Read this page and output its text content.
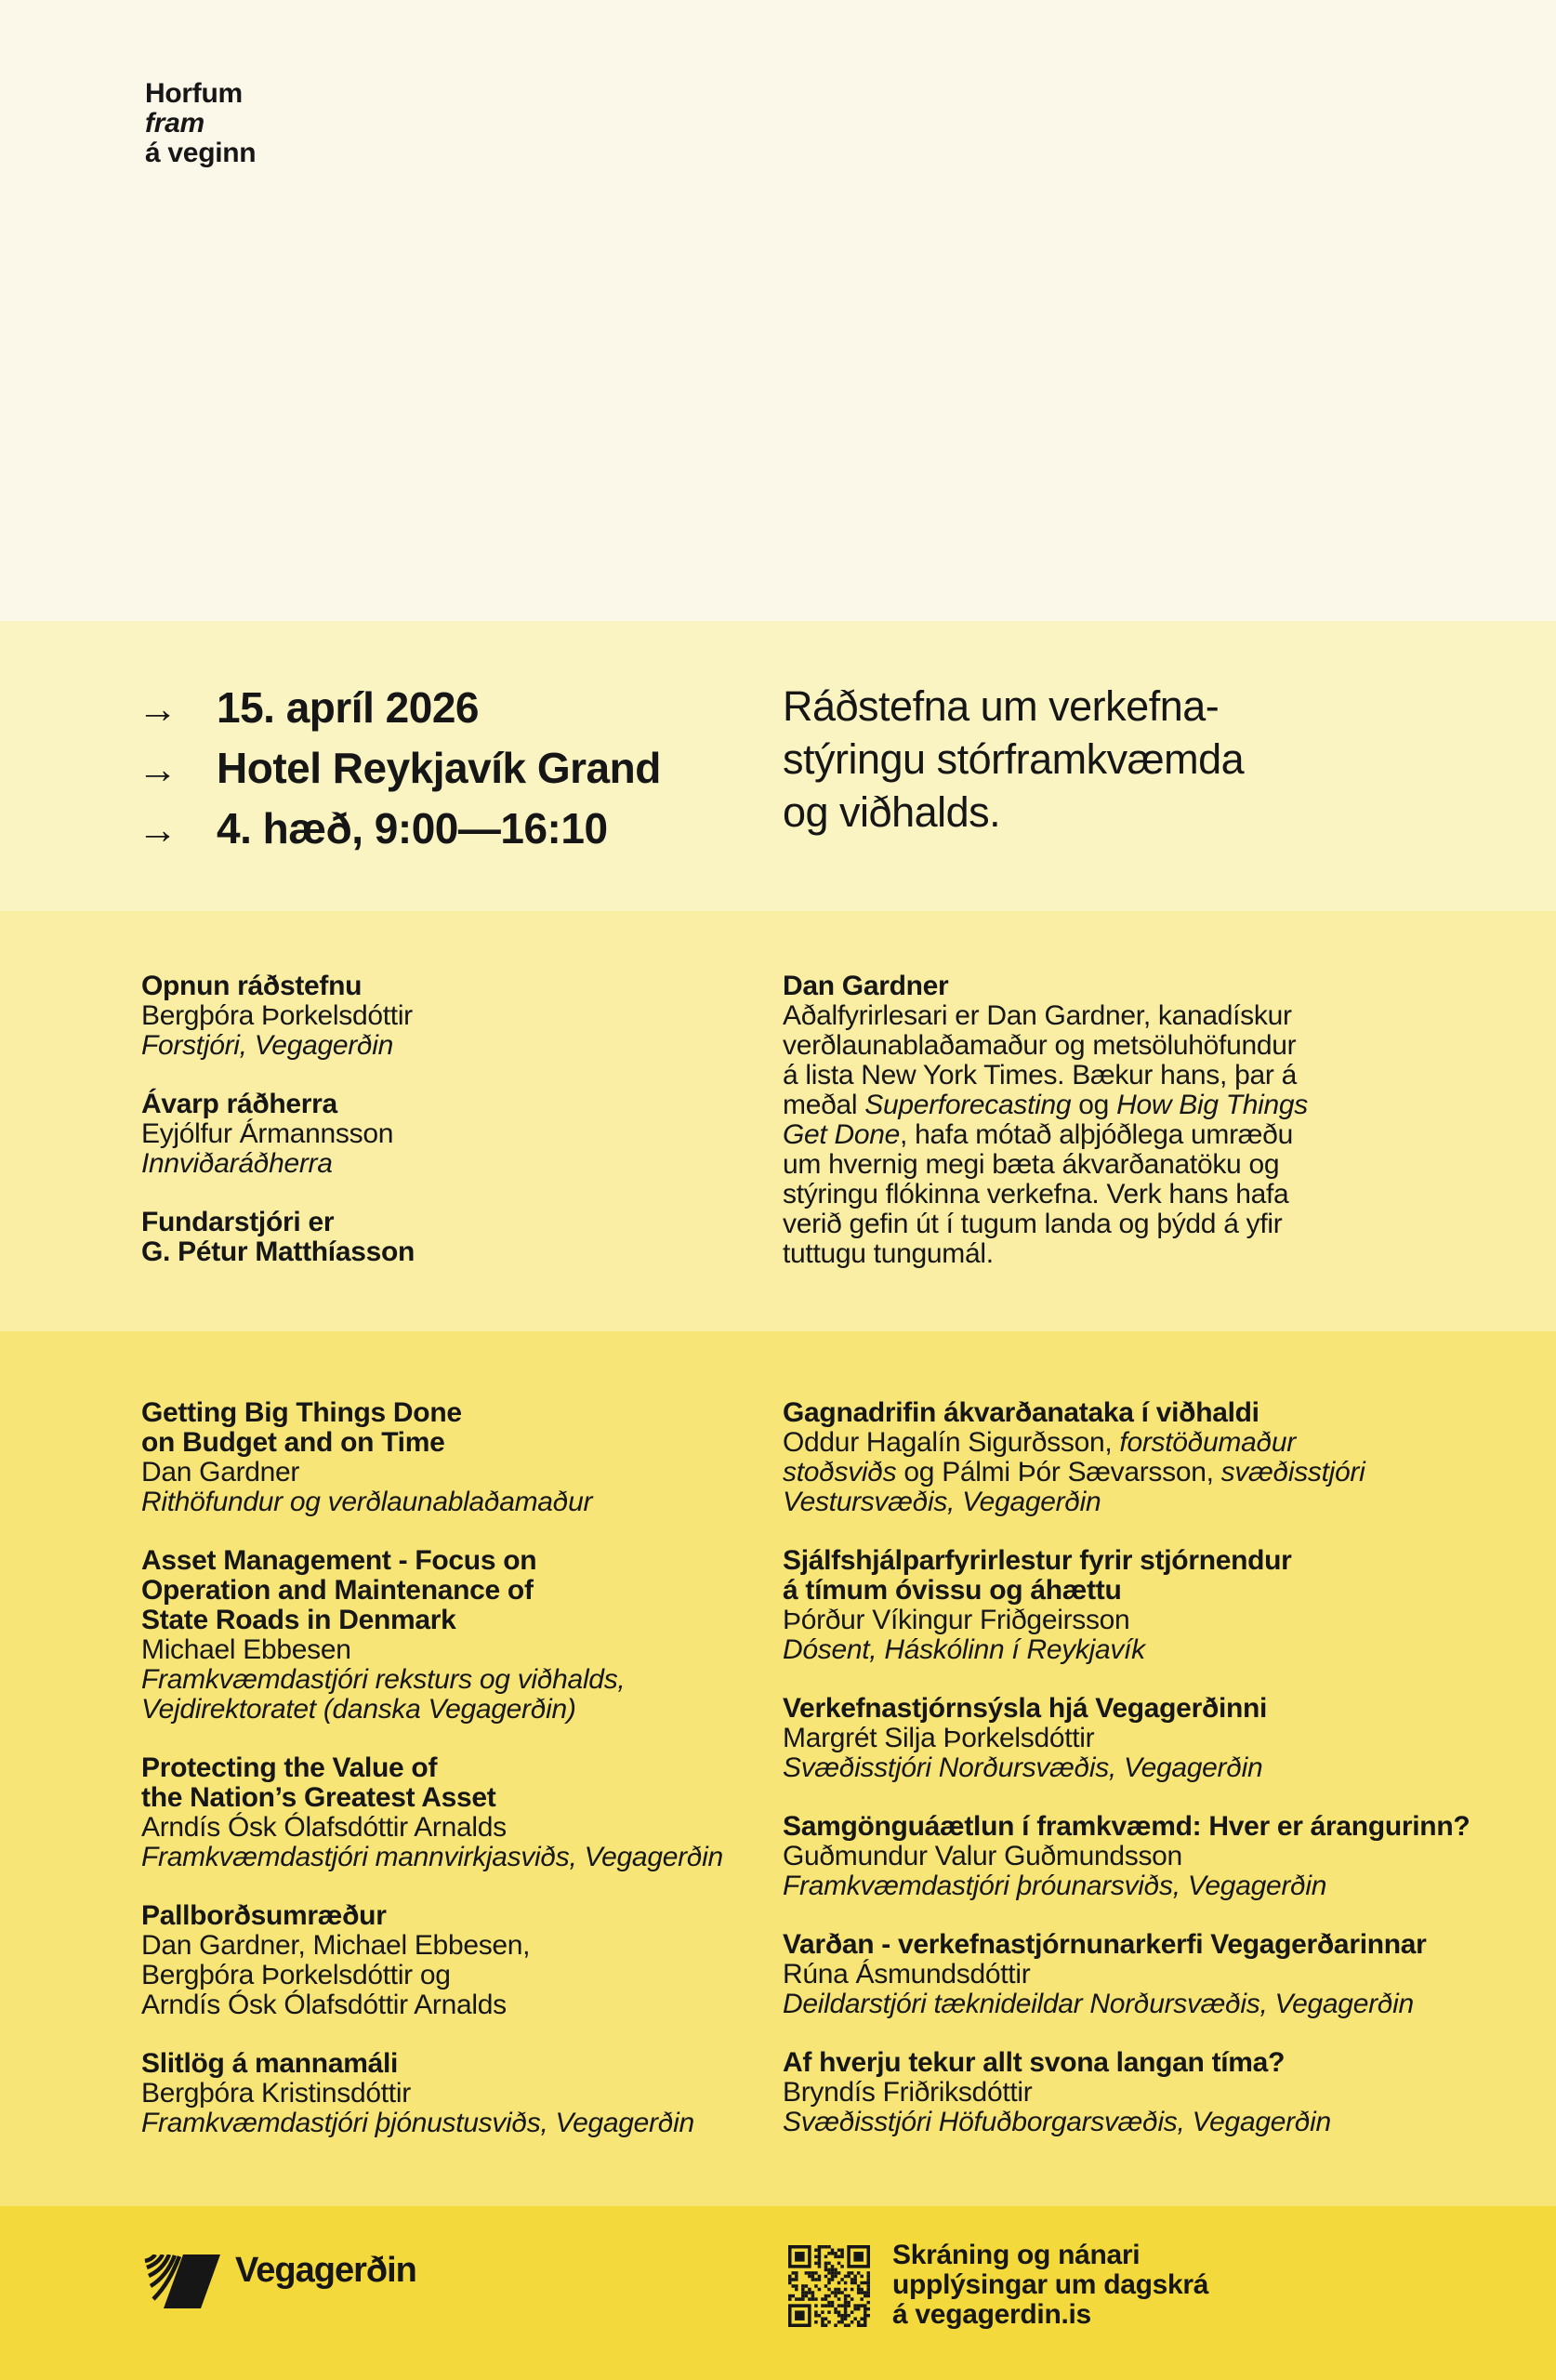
Horfum
fram
á veginn
→ 15. apríl 2026
→ Hotel Reykjavík Grand
→ 4. hæð, 9:00—16:10
Ráðstefna um verkefna-
stýringu stórframkvæmda
og viðhalds.
Opnun ráðstefnu
Bergþóra Þorkelsdóttir
Forstjóri, Vegagerðin
Ávarp ráðherra
Eyjólfur Ármannsson
Innviðaráðherra
Fundarstjóri er
G. Pétur Matthíasson
Dan Gardner
Aðalfyrirlesari er Dan Gardner, kanadískur
verðlaunablaðamaður og metsöluhöfundur
á lista New York Times. Bækur hans, þar á
meðal Superforecasting og How Big Things
Get Done, hafa mótað alþjóðlega umræðu
um hvernig megi bæta ákvarðanatöku og
stýringu flókinna verkefna. Verk hans hafa
verið gefin út í tugum landa og þýdd á yfir
tuttugu tungumál.
Getting Big Things Done
on Budget and on Time
Dan Gardner
Rithöfundur og verðlaunablaðamaður
Asset Management - Focus on
Operation and Maintenance of
State Roads in Denmark
Michael Ebbesen
Framkvæmdastjóri reksturs og viðhalds,
Vejdirektoratet (danska Vegagerðin)
Protecting the Value of
the Nation’s Greatest Asset
Arndís Ósk Ólafsdóttir Arnalds
Framkvæmdastjóri mannvirkjasviðs, Vegagerðin
Pallborðsumræður
Dan Gardner, Michael Ebbesen,
Bergþóra Þorkelsdóttir og
Arndís Ósk Ólafsdóttir Arnalds
Slitlög á mannamáli
Bergþóra Kristinsdóttir
Framkvæmdastjóri þjónustusviðs, Vegagerðin
Gagnadrifin ákvarðanataka í viðhaldi
Oddur Hagalín Sigurðsson, forstöðumaður
stoðsviðs og Pálmi Þór Sævarsson, svæðisstjóri
Vestursvæðis, Vegagerðin
Sjálfshjálparfyrirlestur fyrir stjórnendur
á tímum óvissu og áhættu
Þórður Víkingur Friðgeirsson
Dósent, Háskólinn í Reykjavík
Verkefnastjórnsýsla hjá Vegagerðinni
Margrét Silja Þorkelsdóttir
Svæðisstjóri Norðursvæðis, Vegagerðin
Samgönguáætlun í framkvæmd: Hver er árangurinn?
Guðmundur Valur Guðmundsson
Framkvæmdastjóri þróunarsviðs, Vegagerðin
Varðan - verkefnastjórnunarkerfi Vegagerðarinnar
Rúna Ásmundsdóttir
Deildarstjóri tæknideildar Norðursvæðis, Vegagerðin
Af hverju tekur allt svona langan tíma?
Bryndís Friðriksdóttir
Svæðisstjóri Höfuðborgarsvæðis, Vegagerðin
Vegagerðin	Skráning og nánari
upplýsingar um dagskrá
á vegagerdin.is
